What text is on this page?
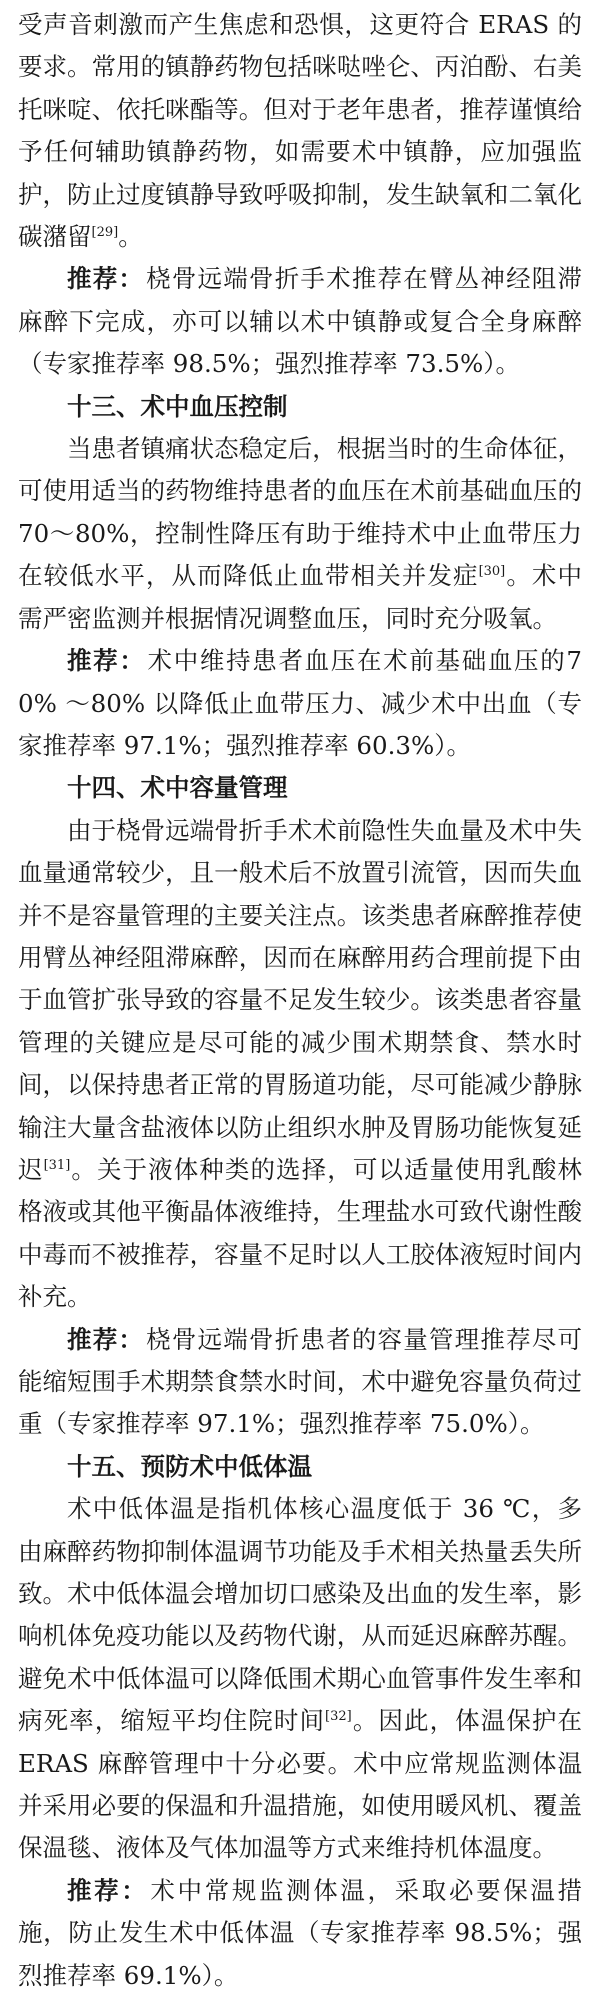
受声音刺激而产生焦虑和恐惧，这更符合 ERAS 的要求。常用的镇静药物包括咪哒唑仑、丙泊酚、右美托咪啶、依托咪酯等。但对于老年患者，推荐谨慎给予任何辅助镇静药物，如需要术中镇静，应加强监护，防止过度镇静导致呼吸抑制，发生缺氧和二氧化碳潴留[29]。

推荐：桡骨远端骨折手术推荐在臂丛神经阻滞麻醉下完成，亦可以辅以术中镇静或复合全身麻醉（专家推荐率 98.5%；强烈推荐率 73.5%）。

十三、术中血压控制

当患者镇痛状态稳定后，根据当时的生命体征，可使用适当的药物维持患者的血压在术前基础血压的 70～80%，控制性降压有助于维持术中止血带压力在较低水平，从而降低止血带相关并发症[30]。术中需严密监测并根据情况调整血压，同时充分吸氧。

推荐：术中维持患者血压在术前基础血压的70% ～80% 以降低止血带压力、减少术中出血（专家推荐率 97.1%；强烈推荐率 60.3%）。

十四、术中容量管理

由于桡骨远端骨折手术术前隐性失血量及术中失血量通常较少，且一般术后不放置引流管，因而失血并不是容量管理的主要关注点。该类患者麻醉推荐使用臂丛神经阻滞麻醉，因而在麻醉用药合理前提下由于血管扩张导致的容量不足发生较少。该类患者容量管理的关键应是尽可能的减少围术期禁食、禁水时间，以保持患者正常的胃肠道功能，尽可能减少静脉输注大量含盐液体以防止组织水肿及胃肠功能恢复延迟[31]。关于液体种类的选择，可以适量使用乳酸林格液或其他平衡晶体液维持，生理盐水可致代谢性酸中毒而不被推荐，容量不足时以人工胶体液短时间内补充。

推荐：桡骨远端骨折患者的容量管理推荐尽可能缩短围手术期禁食禁水时间，术中避免容量负荷过重（专家推荐率 97.1%；强烈推荐率 75.0%）。

十五、预防术中低体温

术中低体温是指机体核心温度低于 36 ℃，多由麻醉药物抑制体温调节功能及手术相关热量丢失所致。术中低体温会增加切口感染及出血的发生率，影响机体免疫功能以及药物代谢，从而延迟麻醉苏醒。避免术中低体温可以降低围术期心血管事件发生率和病死率，缩短平均住院时间[32]。因此，体温保护在 ERAS 麻醉管理中十分必要。术中应常规监测体温并采用必要的保温和升温措施，如使用暖风机、覆盖保温毯、液体及气体加温等方式来维持机体温度。

推荐：术中常规监测体温，采取必要保温措施，防止发生术中低体温（专家推荐率 98.5%；强烈推荐率 69.1%）。
